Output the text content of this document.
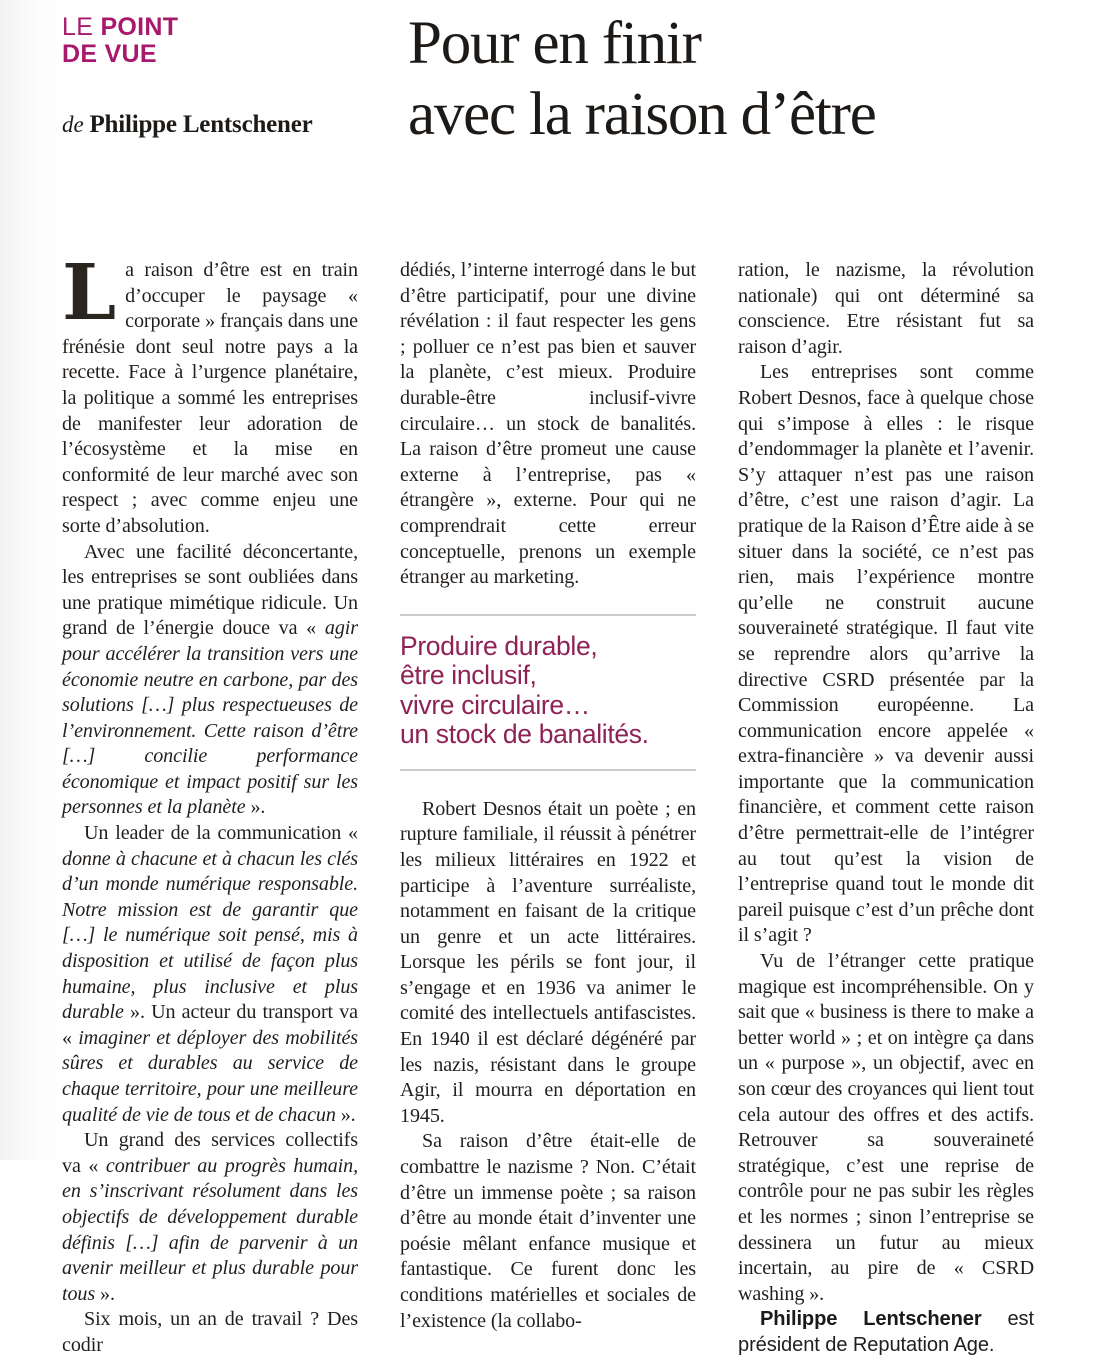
LE POINT
DE VUE
de Philippe Lentschener
Pour en finir
avec la raison d’être

La raison d’être est en train d’occuper le paysage « corporate » français dans une frénésie dont seul notre pays a la recette. Face à l’urgence planétaire, la politique a sommé les entreprises de manifester leur adoration de l’écosystème et la mise en conformité de leur marché avec son respect ; avec comme enjeu une sorte d’absolution.

Avec une facilité déconcertante, les entreprises se sont oubliées dans une pratique mimétique ridicule. Un grand de l’énergie douce va « agir pour accélérer la transition vers une économie neutre en carbone, par des solutions […] plus respectueuses de l’environnement. Cette raison d’être […] concilie performance économique et impact positif sur les personnes et la planète ».

Un leader de la communication « donne à chacune et à chacun les clés d’un monde numérique responsable. Notre mission est de garantir que […] le numérique soit pensé, mis à disposition et utilisé de façon plus humaine, plus inclusive et plus durable ». Un acteur du transport va « imaginer et déployer des mobilités sûres et durables au service de chaque territoire, pour une meilleure qualité de vie de tous et de chacun ».

Un grand des services collectifs va « contribuer au progrès humain, en s’inscrivant résolument dans les objectifs de développement durable définis […] afin de parvenir à un avenir meilleur et plus durable pour tous ».

Six mois, un an de travail ? Des codir

dédiés, l’interne interrogé dans le but d’être participatif, pour une divine révélation : il faut respecter les gens ; polluer ce n’est pas bien et sauver la planète, c’est mieux. Produire durable-être inclusif-vivre circulaire… un stock de banalités. La raison d’être promeut une cause externe à l’entreprise, pas « étrangère », externe. Pour qui ne comprendrait cette erreur conceptuelle, prenons un exemple étranger au marketing.

Produire durable,
être inclusif,
vivre circulaire…
un stock de banalités.

Robert Desnos était un poète ; en rupture familiale, il réussit à pénétrer les milieux littéraires en 1922 et participe à l’aventure surréaliste, notamment en faisant de la critique un genre et un acte littéraires. Lorsque les périls se font jour, il s’engage et en 1936 va animer le comité des intellectuels antifascistes. En 1940 il est déclaré dégénéré par les nazis, résistant dans le groupe Agir, il mourra en déportation en 1945.

Sa raison d’être était-elle de combattre le nazisme ? Non. C’était d’être un immense poète ; sa raison d’être au monde était d’inventer une poésie mêlant enfance musique et fantastique. Ce furent donc les conditions matérielles et sociales de l’existence (la collabo-

ration, le nazisme, la révolution nationale) qui ont déterminé sa conscience. Etre résistant fut sa raison d’agir.

Les entreprises sont comme Robert Desnos, face à quelque chose qui s’impose à elles : le risque d’endommager la planète et l’avenir. S’y attaquer n’est pas une raison d’être, c’est une raison d’agir. La pratique de la Raison d’Être aide à se situer dans la société, ce n’est pas rien, mais l’expérience montre qu’elle ne construit aucune souveraineté stratégique. Il faut vite se reprendre alors qu’arrive la directive CSRD présentée par la Commission européenne. La communication encore appelée « extra-financière » va devenir aussi importante que la communication financière, et comment cette raison d’être permettrait-elle de l’intégrer au tout qu’est la vision de l’entreprise quand tout le monde dit pareil puisque c’est d’un prêche dont il s’agit ?

Vu de l’étranger cette pratique magique est incompréhensible. On y sait que « business is there to make a better world » ; et on intègre ça dans un « purpose », un objectif, avec en son cœur des croyances qui lient tout cela autour des offres et des actifs. Retrouver sa souveraineté stratégique, c’est une reprise de contrôle pour ne pas subir les règles et les normes ; sinon l’entreprise se dessinera un futur au mieux incertain, au pire de « CSRD washing ».

Philippe Lentschener est président de Reputation Age.
